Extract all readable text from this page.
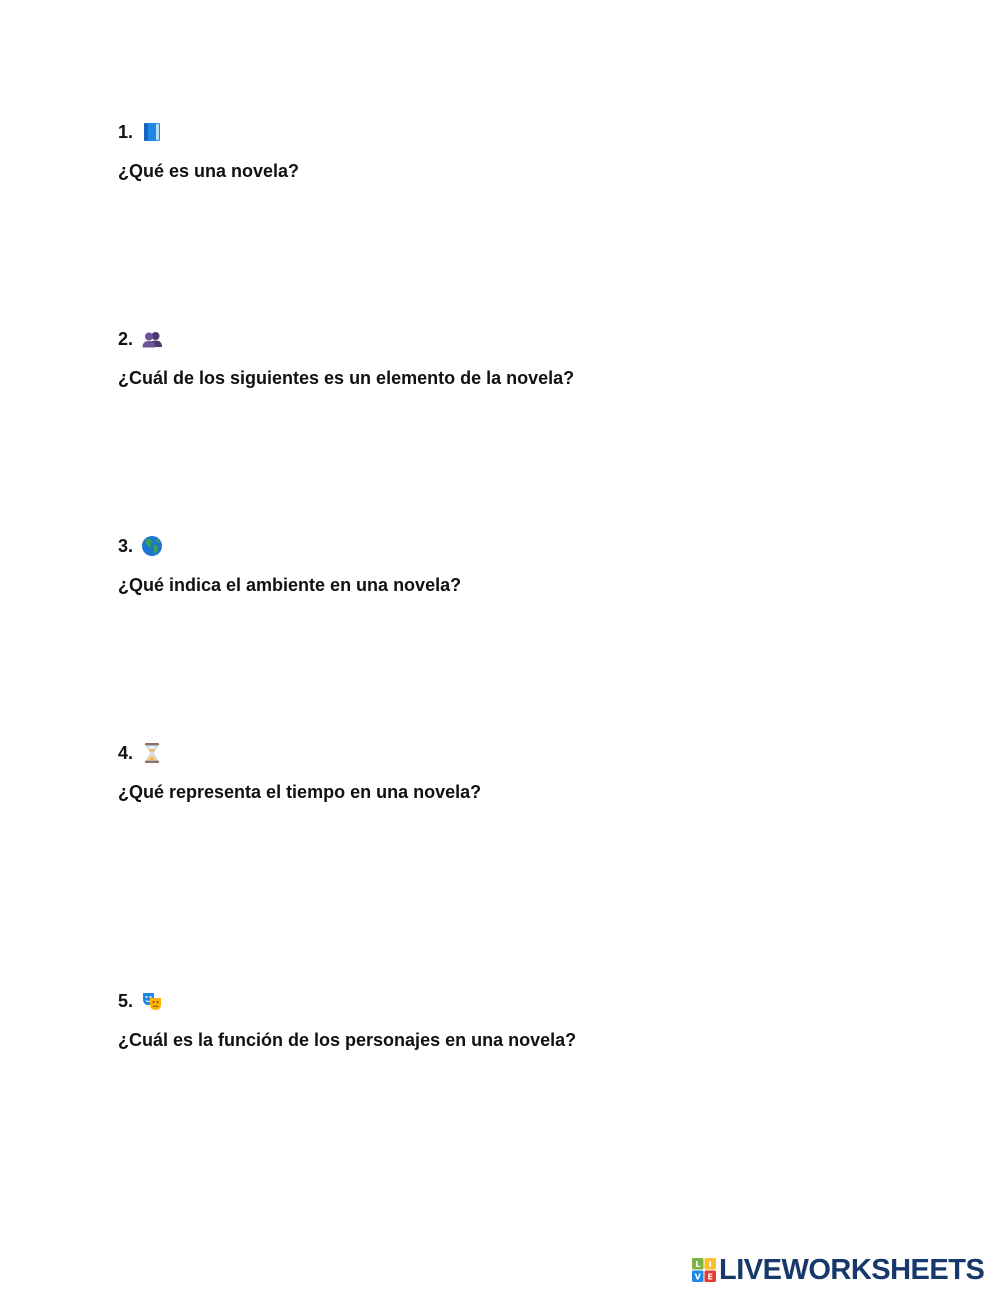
1.
¿Qué es una novela?
2.
¿Cuál de los siguientes es un elemento de la novela?
3.
¿Qué indica el ambiente en una novela?
4.
¿Qué representa el tiempo en una novela?
5.
¿Cuál es la función de los personajes en una novela?
L I
V E LIVEWORKSHEETS
